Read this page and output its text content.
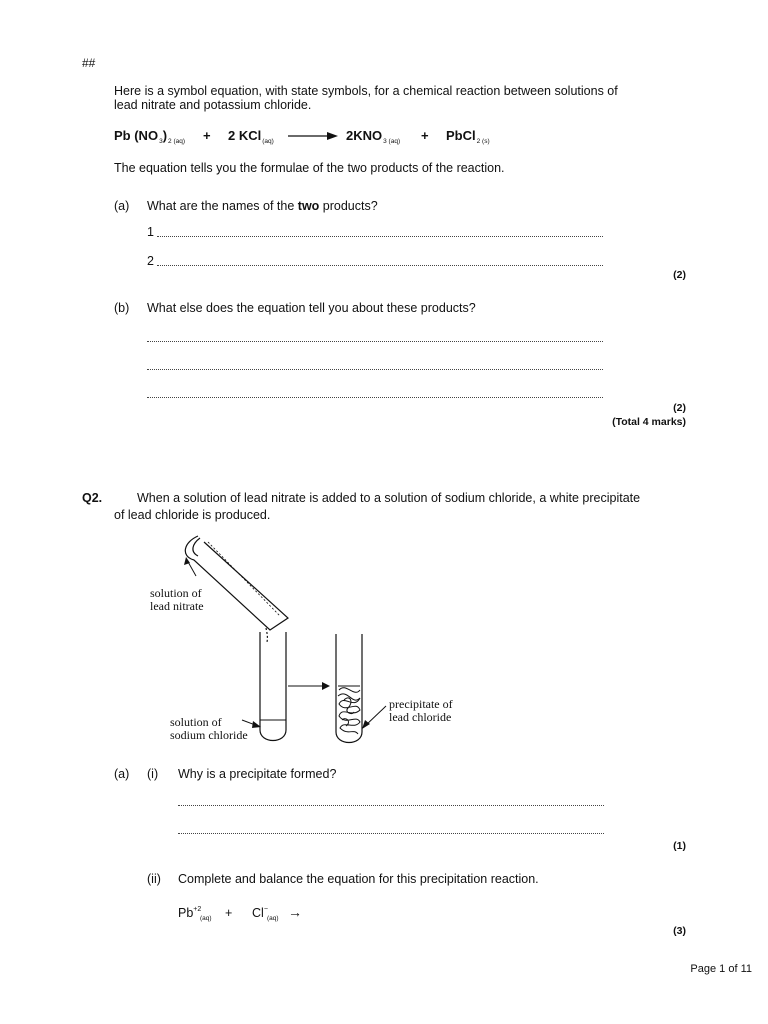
##
Here is a symbol equation, with state symbols, for a chemical reaction between solutions of lead nitrate and potassium chloride.
Pb $(NO_3)_{2 (aq)} + 2$ KCl$_{(aq)}$	$2KNO_{3 (aq)}$ + PbCl$_{2 (s)}$
The equation tells you the formulae of the two products of the reaction.
(a) What are the names of the two products?
1
2
(2)
(b) What else does the equation tell you about these products?
(2)
(Total 4 marks)
Q2.	When a solution of lead nitrate is added to a solution of sodium chloride, a white precipitate
of lead chloride is produced.
solution of
lead nitrate
solution of
sodium chloride
precipitate of
lead chloride
(a) (i) Why is a precipitate formed?
(1)
(ii) Complete and balance the equation for this precipitation reaction.
$Pb^{+2}$
(aq) + Cl−
(aq) →
(3)
Page 1 of 11
